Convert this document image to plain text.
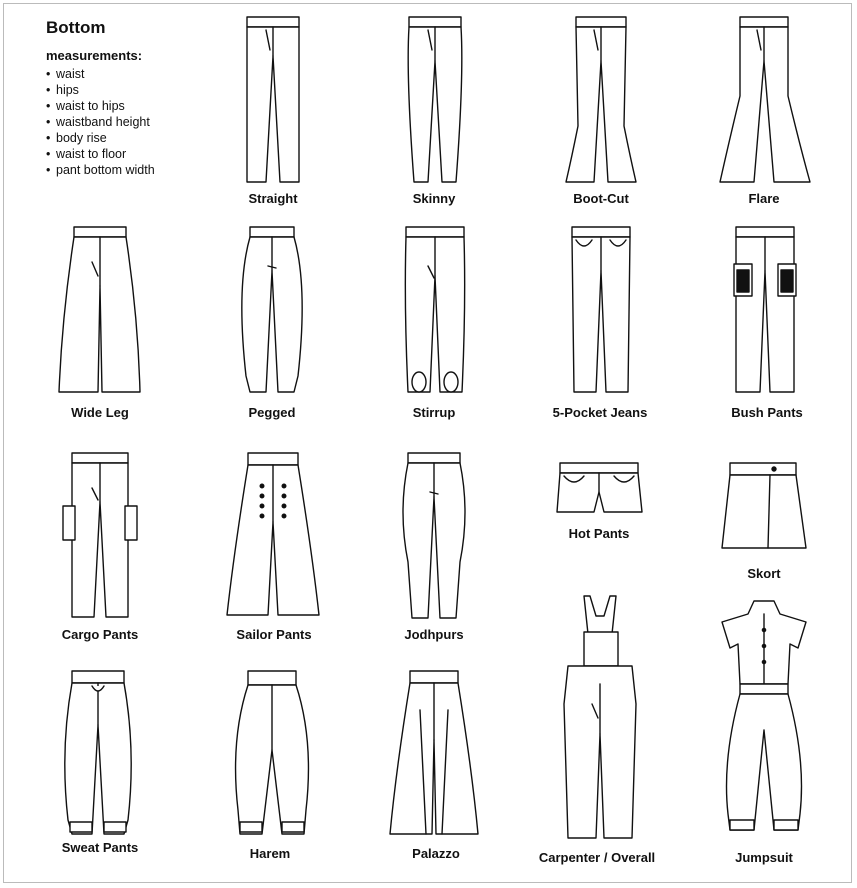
Bottom
measurements:
• waist
• hips
• waist to hips
• waistband height
• body rise
• waist to floor
• pant bottom width
Straight	Skinny	Boot-Cut	Flare
Wide Leg	Pegged	Stirrup	5-Pocket Jeans	Bush Pants
Cargo Pants	Sailor Pants	Jodhpurs
Hot Pants
Skort
Sweat Pants	Harem	Palazzo	Carpenter / Overall	Jumpsuit
